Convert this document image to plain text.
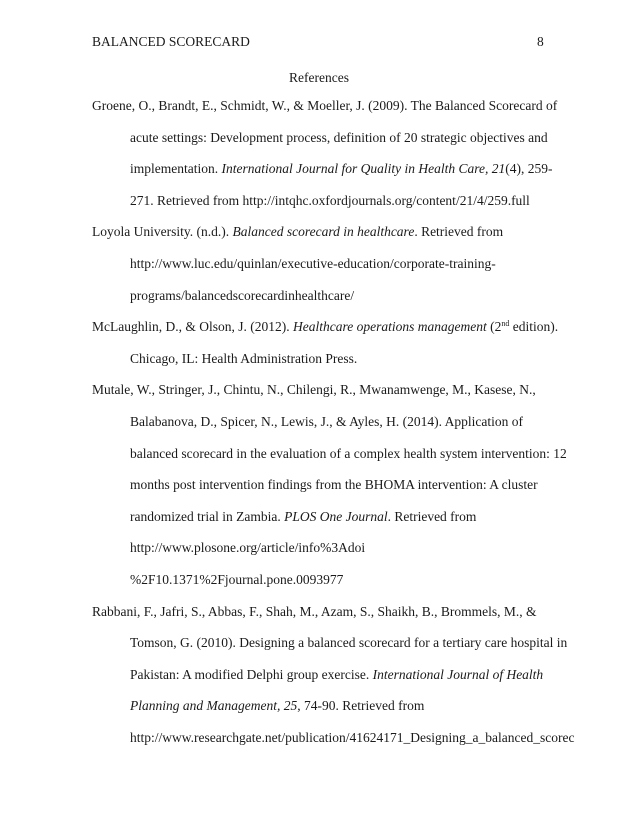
BALANCED SCORECARD	8
References
Groene, O., Brandt, E., Schmidt, W., & Moeller, J. (2009). The Balanced Scorecard of
acute settings: Development process, definition of 20 strategic objectives and
implementation. International Journal for Quality in Health Care, 21(4), 259-
271. Retrieved from http://intqhc.oxfordjournals.org/content/21/4/259.full
Loyola University. (n.d.). Balanced scorecard in healthcare. Retrieved from
http://www.luc.edu/quinlan/executive-education/corporate-training-
programs/balancedscorecardinhealthcare/
McLaughlin, D., & Olson, J. (2012). Healthcare operations management (2nd edition).
Chicago, IL: Health Administration Press.
Mutale, W., Stringer, J., Chintu, N., Chilengi, R., Mwanamwenge, M., Kasese, N.,
Balabanova, D., Spicer, N., Lewis, J., & Ayles, H. (2014). Application of
balanced scorecard in the evaluation of a complex health system intervention: 12
months post intervention findings from the BHOMA intervention: A cluster
randomized trial in Zambia. PLOS One Journal. Retrieved from
http://www.plosone.org/article/info%3Adoi
%2F10.1371%2Fjournal.pone.0093977
Rabbani, F., Jafri, S., Abbas, F., Shah, M., Azam, S., Shaikh, B., Brommels, M., &
Tomson, G. (2010). Designing a balanced scorecard for a tertiary care hospital in
Pakistan: A modified Delphi group exercise. International Journal of Health
Planning and Management, 25, 74-90. Retrieved from
http://www.researchgate.net/publication/41624171_Designing_a_balanced_scorec
